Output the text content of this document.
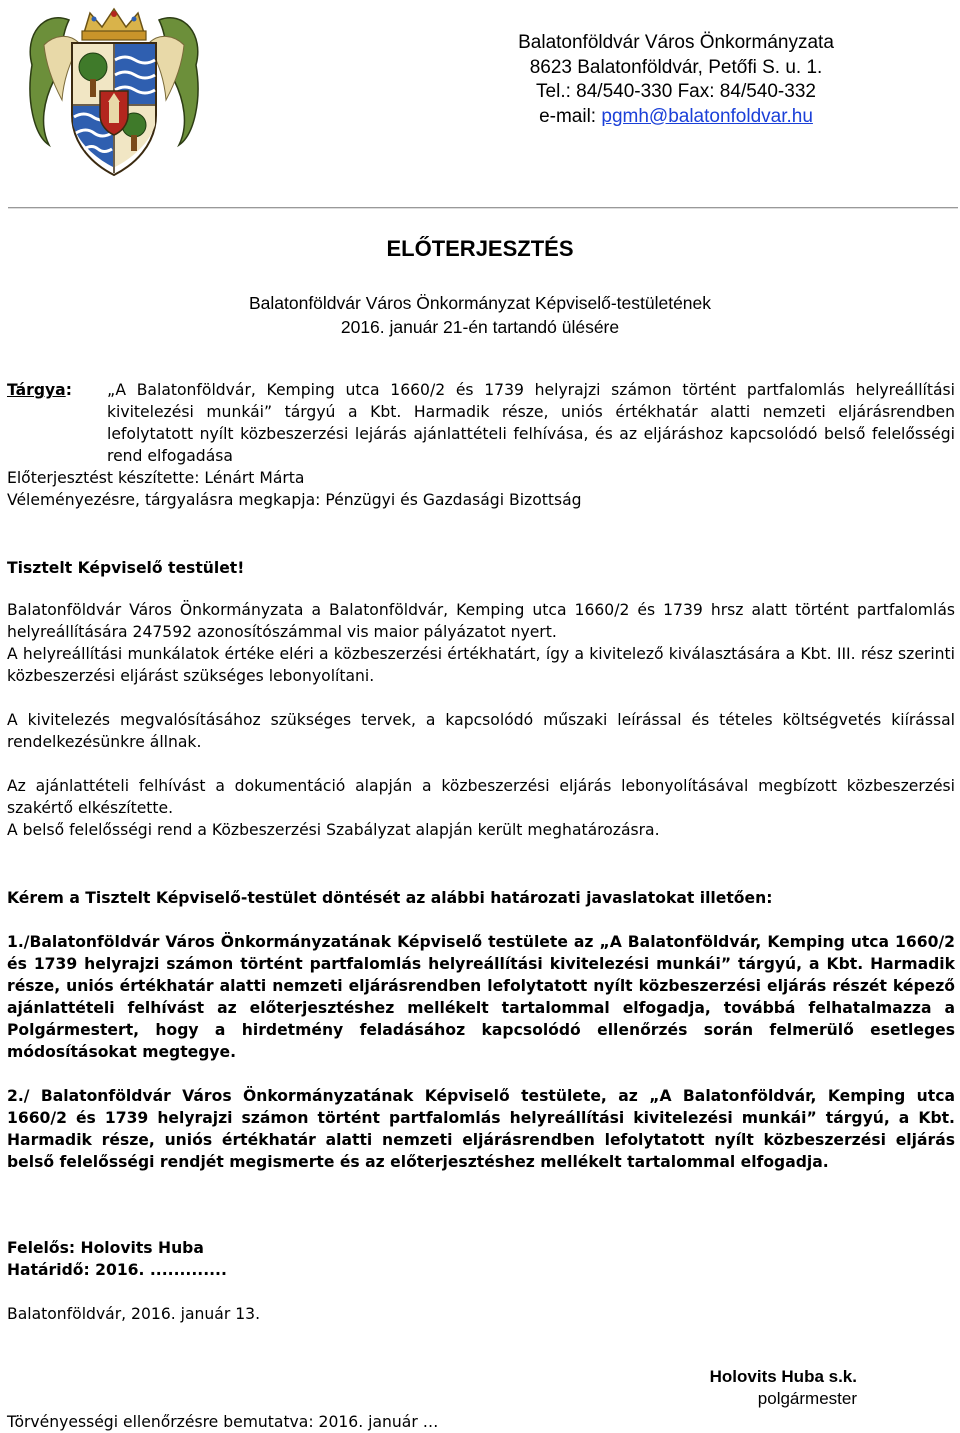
Balatonföldvár Város Önkormányzata
8623 Balatonföldvár, Petőfi S. u. 1.
Tel.: 84/540-330 Fax: 84/540-332
e-mail: pgmh@balatonfoldvar.hu
ELŐTERJESZTÉS
Balatonföldvár Város Önkormányzat Képviselő-testületének
2016. január 21-én tartandó ülésére
Tárgya: „A Balatonföldvár, Kemping utca 1660/2 és 1739 helyrajzi számon történt partfalomlás helyreállítási kivitelezési munkái” tárgyú a Kbt. Harmadik része, uniós értékhatár alatti nemzeti eljárásrendben lefolytatott nyílt közbeszerzési lejárás ajánlattételi felhívása, és az eljáráshoz kapcsolódó belső felelősségi rend elfogadása
Előterjesztést készítette: Lénárt Márta
Véleményezésre, tárgyalásra megkapja: Pénzügyi és Gazdasági Bizottság
Tisztelt Képviselő testület!
Balatonföldvár Város Önkormányzata a Balatonföldvár, Kemping utca 1660/2 és 1739 hrsz alatt történt partfalomlás helyreállítására 247592 azonosítószámmal vis maior pályázatot nyert.
A helyreállítási munkálatok értéke eléri a közbeszerzési értékhatárt, így a kivitelező kiválasztására a Kbt. III. rész szerinti közbeszerzési eljárást szükséges lebonyolítani.
A kivitelezés megvalósításához szükséges tervek, a kapcsolódó műszaki leírással és tételes költségvetés kiírással rendelkezésünkre állnak.
Az ajánlattételi felhívást a dokumentáció alapján a közbeszerzési eljárás lebonyolításával megbízott közbeszerzési szakértő elkészítette.
A belső felelősségi rend a Közbeszerzési Szabályzat alapján került meghatározásra.
Kérem a Tisztelt Képviselő-testület döntését az alábbi határozati javaslatokat illetően:
1./Balatonföldvár Város Önkormányzatának Képviselő testülete az „A Balatonföldvár, Kemping utca 1660/2 és 1739 helyrajzi számon történt partfalomlás helyreállítási kivitelezési munkái” tárgyú, a Kbt. Harmadik része, uniós értékhatár alatti nemzeti eljárásrendben lefolytatott nyílt közbeszerzési eljárás részét képező ajánlattételi felhívást az előterjesztéshez mellékelt tartalommal elfogadja, továbbá felhatalmazza a Polgármestert, hogy a hirdetmény feladásához kapcsolódó ellenőrzés során felmerülő esetleges módosításokat megtegye.
2./ Balatonföldvár Város Önkormányzatának Képviselő testülete, az „A Balatonföldvár, Kemping utca 1660/2 és 1739 helyrajzi számon történt partfalomlás helyreállítási kivitelezési munkái” tárgyú, a Kbt. Harmadik része, uniós értékhatár alatti nemzeti eljárásrendben lefolytatott nyílt közbeszerzési eljárás belső felelősségi rendjét megismerte és az előterjesztéshez mellékelt tartalommal elfogadja.
Felelős: Holovits Huba
Határidő: 2016. .............
Balatonföldvár, 2016. január 13.
Holovits Huba s.k.
polgármester
Törvényességi ellenőrzésre bemutatva: 2016. január …
